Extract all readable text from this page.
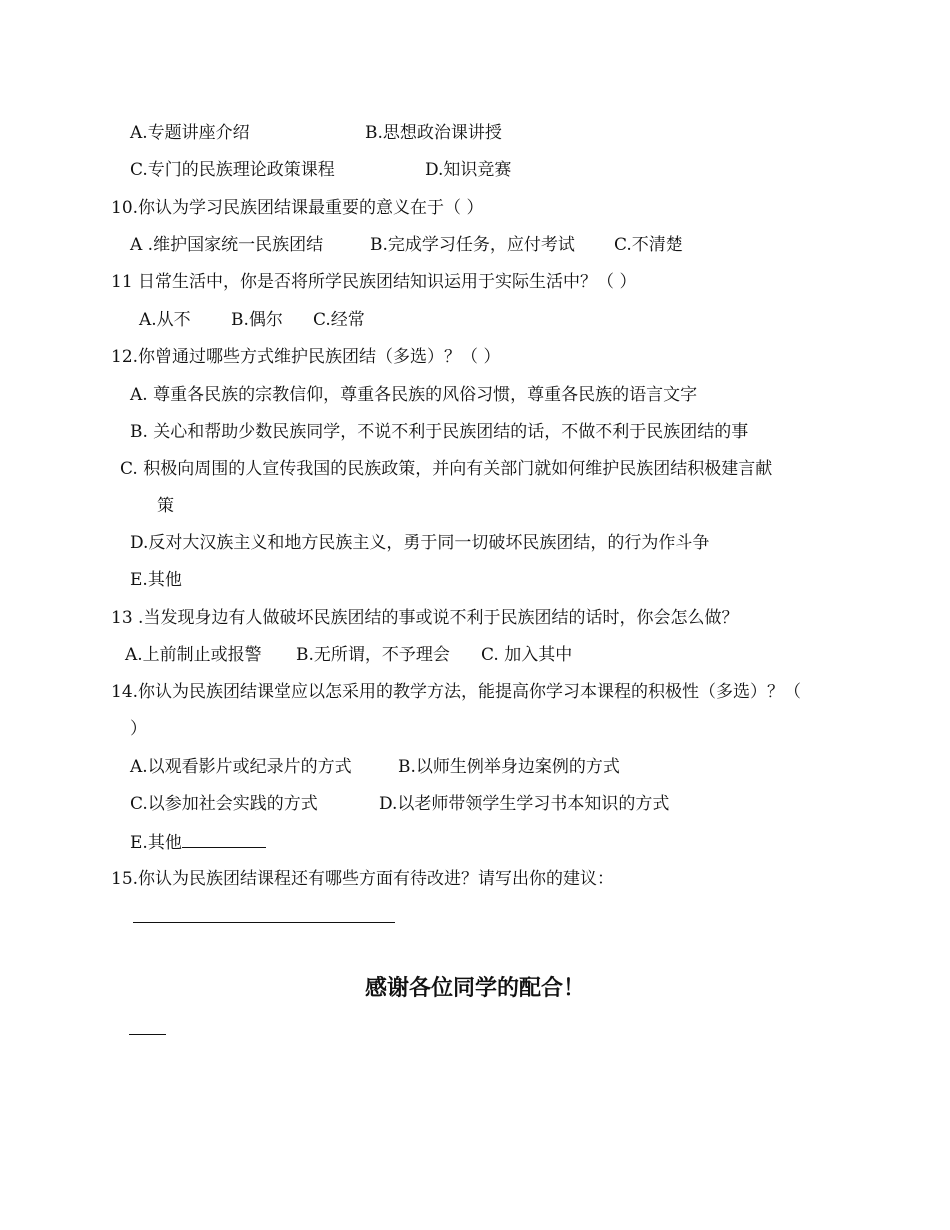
A.专题讲座介绍	B.思想政治课讲授
C.专门的民族理论政策课程	D.知识竞赛
10.你认为学习民族团结课最重要的意义在于（ ）
A .维护国家统一民族团结	B.完成学习任务，应付考试 C.不清楚
11 日常生活中，你是否将所学民族团结知识运用于实际生活中？（ ）
A.从不 B.偶尔 C.经常
12.你曾通过哪些方式维护民族团结（多选）？（ ）
A. 尊重各民族的宗教信仰，尊重各民族的风俗习惯，尊重各民族的语言文字
B. 关心和帮助少数民族同学，不说不利于民族团结的话，不做不利于民族团结的事
C. 积极向周围的人宣传我国的民族政策，并向有关部门就如何维护民族团结积极建言献
策
D.反对大汉族主义和地方民族主义，勇于同一切破坏民族团结，的行为作斗争
E.其他
13 .当发现身边有人做破坏民族团结的事或说不利于民族团结的话时，你会怎么做？
A.上前制止或报警 B.无所谓，不予理会 C. 加入其中
14.你认为民族团结课堂应以怎采用的教学方法，能提高你学习本课程的积极性（多选）？（
）
A.以观看影片或纪录片的方式	B.以师生例举身边案例的方式
C.以参加社会实践的方式	D.以老师带领学生学习书本知识的方式
E.其他
15.你认为民族团结课程还有哪些方面有待改进？请写出你的建议：
感谢各位同学的配合！
